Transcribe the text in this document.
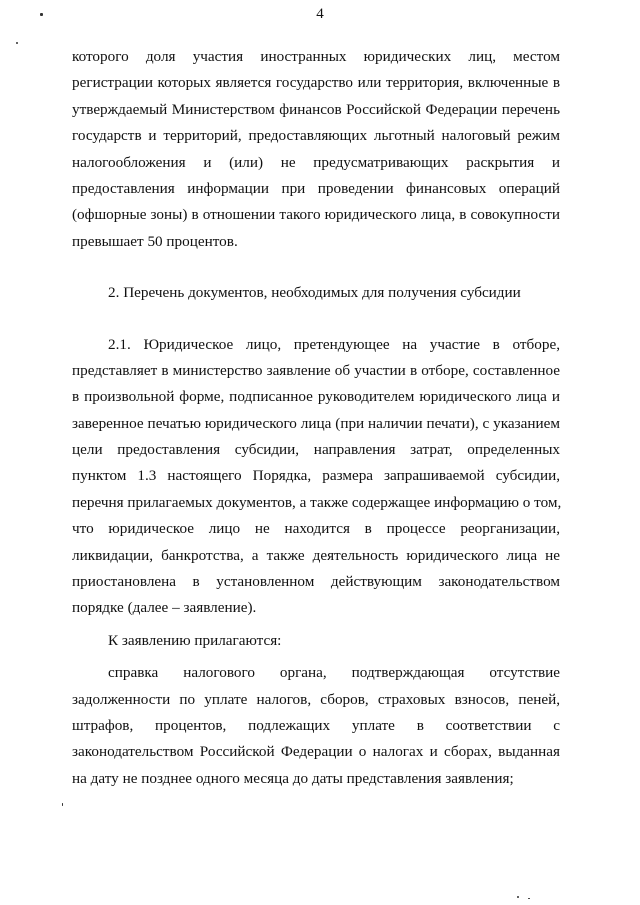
4
которого доля участия иностранных юридических лиц, местом
регистрации которых является государство или территория, включенные в
утверждаемый Министерством финансов Российской Федерации перечень
государств и территорий, предоставляющих льготный налоговый режим
налогообложения и (или) не предусматривающих раскрытия и
предоставления информации при проведении финансовых операций
(офшорные зоны) в отношении такого юридического лица, в совокупности
превышает 50 процентов.
2. Перечень документов, необходимых для получения субсидии
2.1. Юридическое лицо, претендующее на участие в отборе,
представляет в министерство заявление об участии в отборе, составленное
в произвольной форме, подписанное руководителем юридического лица и
заверенное печатью юридического лица (при наличии печати), с указанием
цели предоставления субсидии, направления затрат, определенных
пунктом 1.3 настоящего Порядка, размера запрашиваемой субсидии,
перечня прилагаемых документов, а также содержащее информацию о том,
что юридическое лицо не находится в процессе реорганизации,
ликвидации, банкротства, а также деятельность юридического лица не
приостановлена в установленном действующим законодательством
порядке (далее – заявление).
К заявлению прилагаются:
справка налогового органа, подтверждающая отсутствие
задолженности по уплате налогов, сборов, страховых взносов, пеней,
штрафов, процентов, подлежащих уплате в соответствии с
законодательством Российской Федерации о налогах и сборах, выданная
на дату не позднее одного месяца до даты представления заявления;
